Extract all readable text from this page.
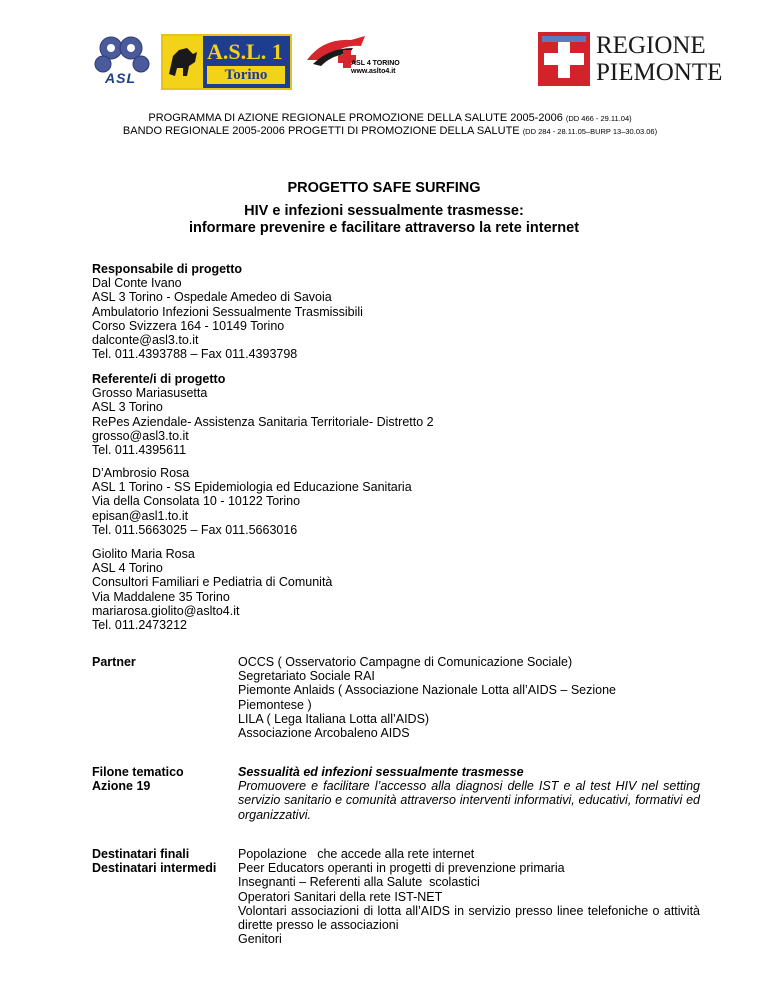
ASL
A.S.L. 1
Torino
ASL 4 TORINO
www.aslto4.it
REGIONE
PIEMONTE
PROGRAMMA DI AZIONE REGIONALE PROMOZIONE DELLA SALUTE 2005-2006 (DD 466 - 29.11.04)
BANDO REGIONALE 2005-2006 PROGETTI DI PROMOZIONE DELLA SALUTE (DD 284 - 28.11.05–BURP 13–30.03.06)
PROGETTO SAFE SURFING
HIV e infezioni sessualmente trasmesse:
informare prevenire e facilitare attraverso la rete internet
Responsabile di progetto
Dal Conte Ivano
ASL 3 Torino - Ospedale Amedeo di Savoia
Ambulatorio Infezioni Sessualmente Trasmissibili
Corso Svizzera 164 - 10149 Torino
dalconte@asl3.to.it
Tel. 011.4393788 – Fax 011.4393798
Referente/i di progetto
Grosso Mariasusetta
ASL 3 Torino
RePes Aziendale- Assistenza Sanitaria Territoriale- Distretto 2
grosso@asl3.to.it
Tel. 011.4395611
D’Ambrosio Rosa
ASL 1 Torino - SS Epidemiologia ed Educazione Sanitaria
Via della Consolata 10 - 10122 Torino
episan@asl1.to.it
Tel. 011.5663025 – Fax 011.5663016
Giolito Maria Rosa
ASL 4 Torino
Consultori Familiari e Pediatria di Comunità
Via Maddalene 35 Torino
mariarosa.giolito@aslto4.it
Tel. 011.2473212
Partner	OCCS ( Osservatorio Campagne di Comunicazione Sociale)
Segretariato Sociale RAI
Piemonte Anlaids ( Associazione Nazionale Lotta all’AIDS – Sezione
Piemontese )
LILA ( Lega Italiana Lotta all’AIDS)
Associazione Arcobaleno AIDS
Filone tematico
Azione 19
Sessualità ed infezioni sessualmente trasmesse
Promuovere e facilitare l’accesso alla diagnosi delle IST e al test HIV nel setting servizio sanitario e comunità attraverso interventi informativi, educativi, formativi ed organizzativi.
Destinatari finali
Destinatari intermedi
Popolazione   che accede alla rete internet
Peer Educators operanti in progetti di prevenzione primaria
Insegnanti – Referenti alla Salute  scolastici
Operatori Sanitari della rete IST-NET
Volontari associazioni di lotta all’AIDS in servizio presso linee telefoniche o attività dirette presso le associazioni
Genitori
